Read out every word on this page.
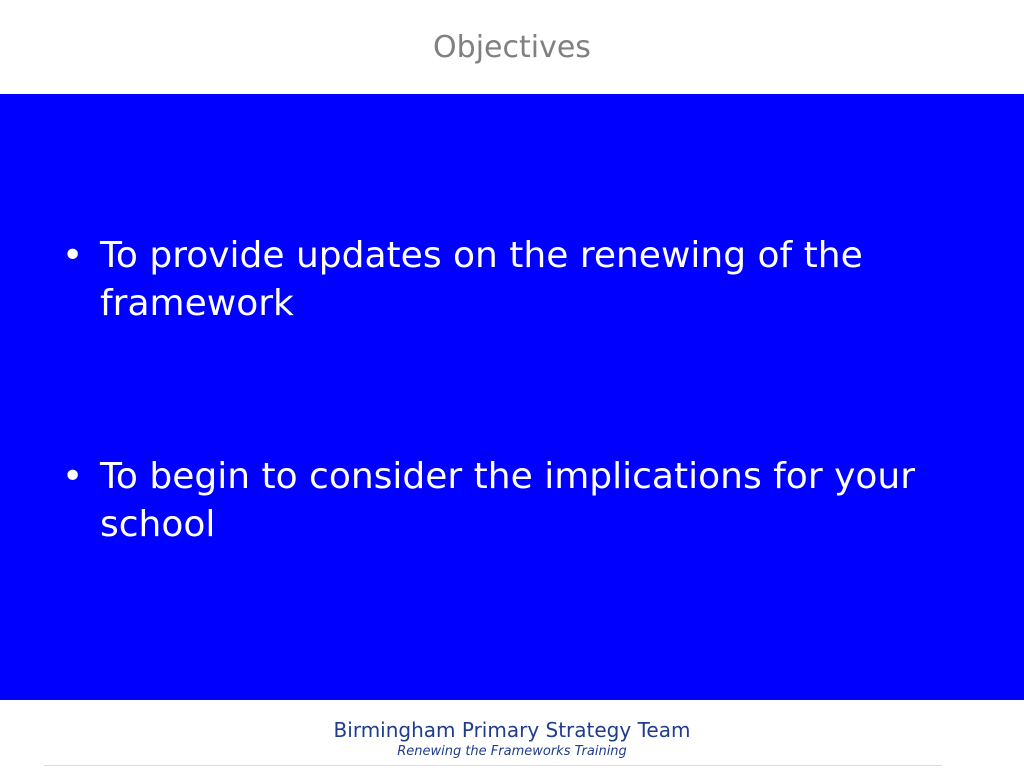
Objectives
• To provide updates on the renewing of the framework
• To begin to consider the implications for your school
Birmingham Primary Strategy Team
Renewing the Frameworks Training
